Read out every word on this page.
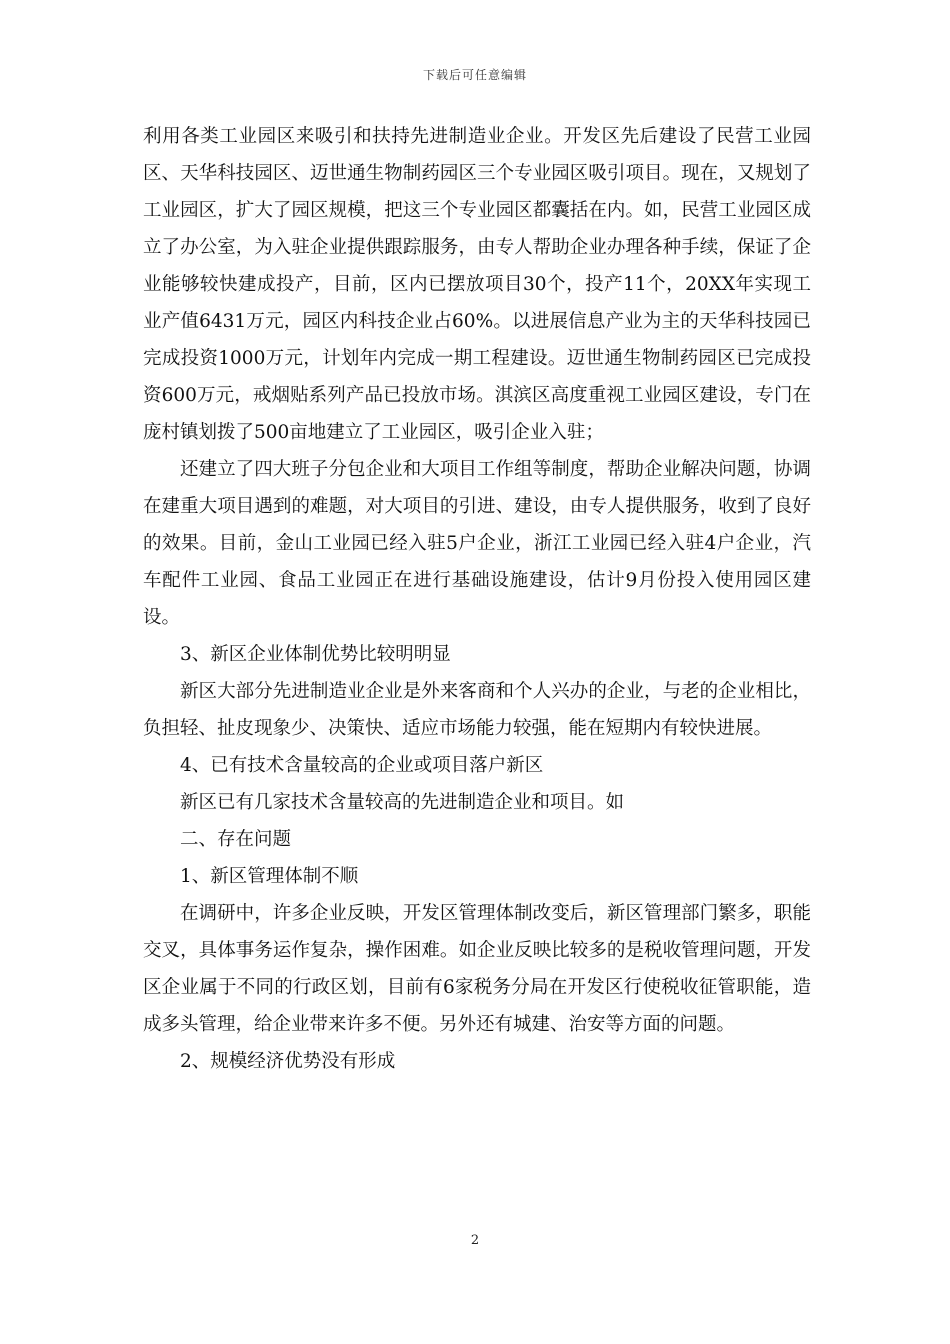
下载后可任意编辑

利用各类工业园区来吸引和扶持先进制造业企业。开发区先后建设了民营工业园区、天华科技园区、迈世通生物制药园区三个专业园区吸引项目。现在，又规划了工业园区，扩大了园区规模，把这三个专业园区都囊括在内。如，民营工业园区成立了办公室，为入驻企业提供跟踪服务，由专人帮助企业办理各种手续，保证了企业能够较快建成投产，目前，区内已摆放项目30个，投产11个，20XX年实现工业产值6431万元，园区内科技企业占60%。以进展信息产业为主的天华科技园已完成投资1000万元，计划年内完成一期工程建设。迈世通生物制药园区已完成投资600万元，戒烟贴系列产品已投放市场。淇滨区高度重视工业园区建设，专门在庞村镇划拨了500亩地建立了工业园区，吸引企业入驻；

还建立了四大班子分包企业和大项目工作组等制度，帮助企业解决问题，协调在建重大项目遇到的难题，对大项目的引进、建设，由专人提供服务，收到了良好的效果。目前，金山工业园已经入驻5户企业，浙江工业园已经入驻4户企业，汽车配件工业园、食品工业园正在进行基础设施建设，估计9月份投入使用园区建设。

3、新区企业体制优势比较明明显

新区大部分先进制造业企业是外来客商和个人兴办的企业，与老的企业相比，负担轻、扯皮现象少、决策快、适应市场能力较强，能在短期内有较快进展。

4、已有技术含量较高的企业或项目落户新区

新区已有几家技术含量较高的先进制造企业和项目。如

二、存在问题

1、新区管理体制不顺

在调研中，许多企业反映，开发区管理体制改变后，新区管理部门繁多，职能交叉，具体事务运作复杂，操作困难。如企业反映比较多的是税收管理问题，开发区企业属于不同的行政区划，目前有6家税务分局在开发区行使税收征管职能，造成多头管理，给企业带来许多不便。另外还有城建、治安等方面的问题。

2、规模经济优势没有形成

2
